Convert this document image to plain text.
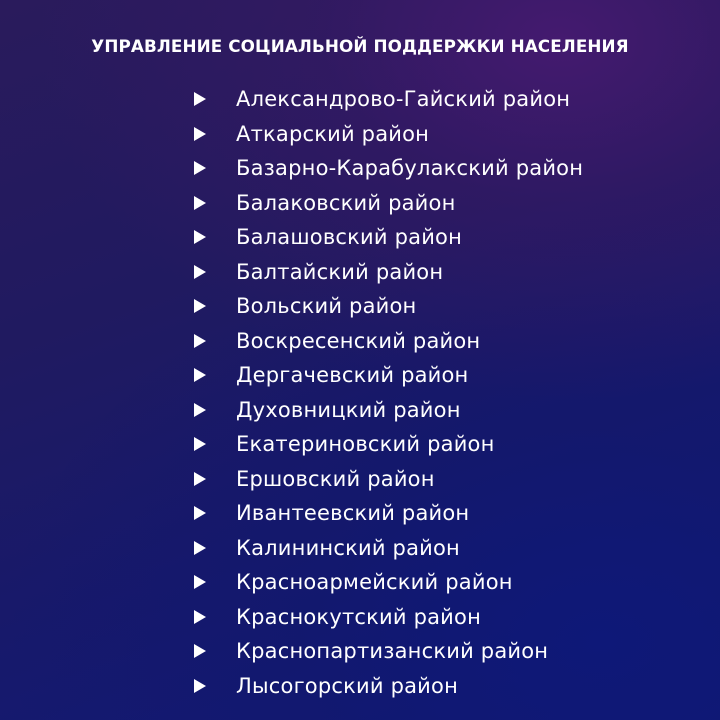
УПРАВЛЕНИЕ СОЦИАЛЬНОЙ ПОДДЕРЖКИ НАСЕЛЕНИЯ
Александрово-Гайский район
Аткарский район
Базарно-Карабулакский район
Балаковский район
Балашовский район
Балтайский район
Вольский район
Воскресенский район
Дергачевский район
Духовницкий район
Екатериновский район
Ершовский район
Ивантеевский район
Калининский район
Красноармейский район
Краснокутский район
Краснопартизанский район
Лысогорский район
